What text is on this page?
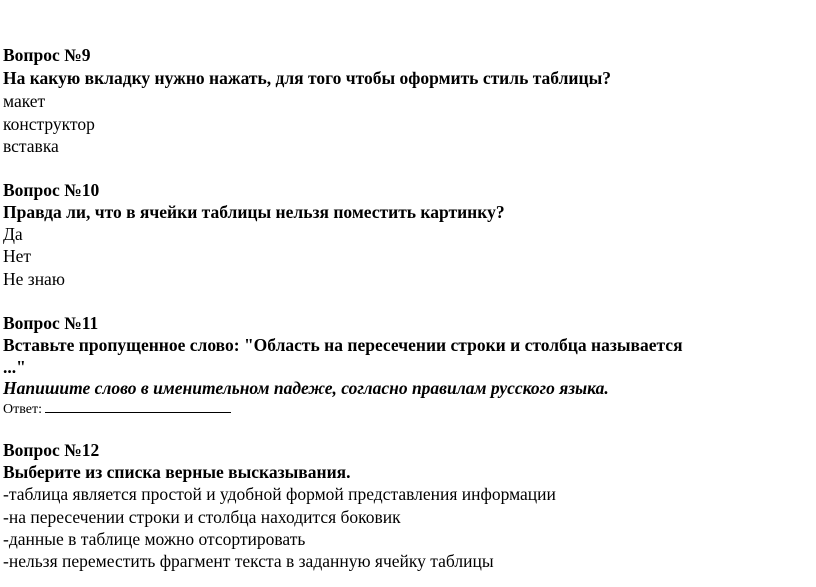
Вопрос №9
На какую вкладку нужно нажать, для того чтобы оформить стиль таблицы?
макет
конструктор
вставка
Вопрос №10
Правда ли, что в ячейки таблицы нельзя поместить картинку?
Да
Нет
Не знаю
Вопрос №11
Вставьте пропущенное слово: "Область на пересечении строки и столбца называется
..."
Напишите слово в именительном падеже, согласно правилам русского языка.
Ответ:
Вопрос №12
Выберите из списка верные высказывания.
-таблица является простой и удобной формой представления информации
-на пересечении строки и столбца находится боковик
-данные в таблице можно отсортировать
-нельзя переместить фрагмент текста в заданную ячейку таблицы
